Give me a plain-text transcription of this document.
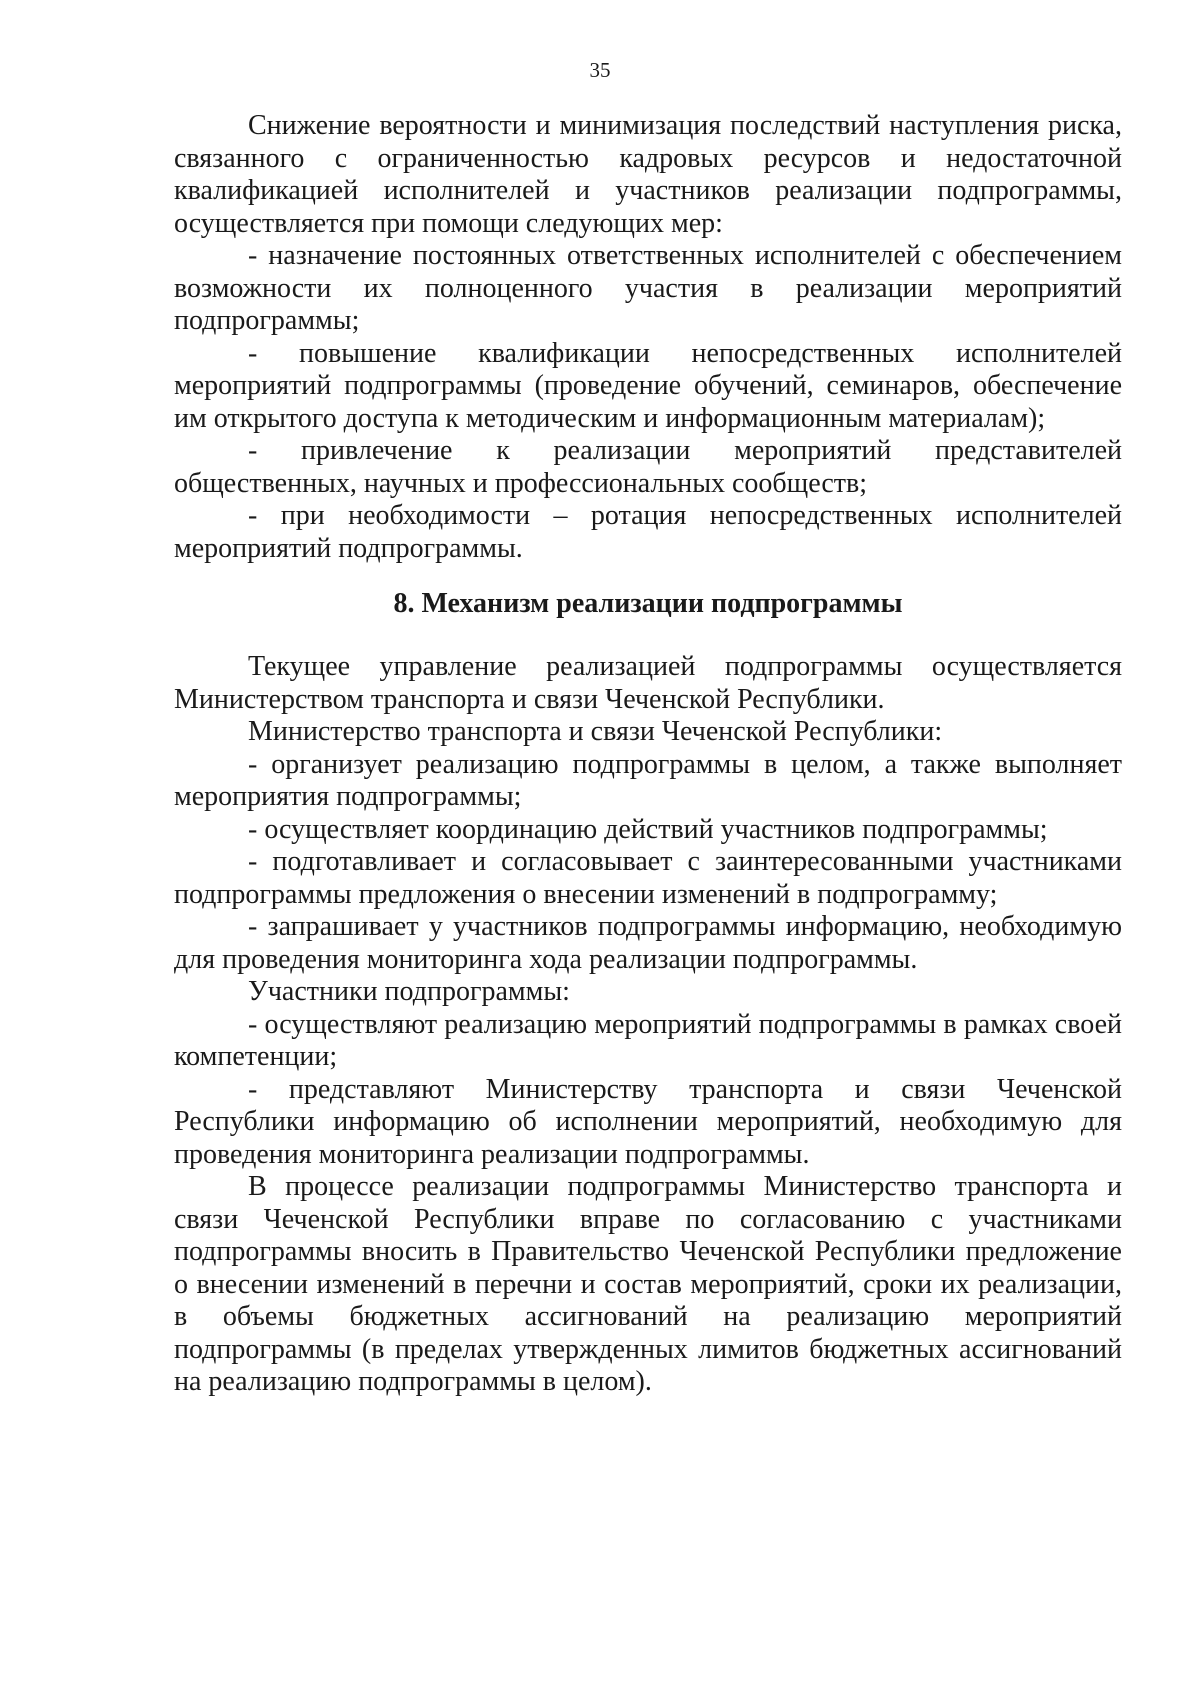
35

Снижение вероятности и минимизация последствий наступления риска, связанного с ограниченностью кадровых ресурсов и недостаточной квалификацией исполнителей и участников реализации подпрограммы, осуществляется при помощи следующих мер:

- назначение постоянных ответственных исполнителей с обеспечением возможности их полноценного участия в реализации мероприятий подпрограммы;

- повышение квалификации непосредственных исполнителей мероприятий подпрограммы (проведение обучений, семинаров, обеспечение им открытого доступа к методическим и информационным материалам);

- привлечение к реализации мероприятий представителей общественных, научных и профессиональных сообществ;

- при необходимости – ротация непосредственных исполнителей мероприятий подпрограммы.

8. Механизм реализации подпрограммы

Текущее управление реализацией подпрограммы осуществляется Министерством транспорта и связи Чеченской Республики.

Министерство транспорта и связи Чеченской Республики:

- организует реализацию подпрограммы в целом, а также выполняет мероприятия подпрограммы;

- осуществляет координацию действий участников подпрограммы;

- подготавливает и согласовывает с заинтересованными участниками подпрограммы предложения о внесении изменений в подпрограмму;

- запрашивает у участников подпрограммы информацию, необходимую для проведения мониторинга хода реализации подпрограммы.

Участники подпрограммы:

- осуществляют реализацию мероприятий подпрограммы в рамках своей компетенции;

- представляют Министерству транспорта и связи Чеченской Республики информацию об исполнении мероприятий, необходимую для проведения мониторинга реализации подпрограммы.

В процессе реализации подпрограммы Министерство транспорта и связи Чеченской Республики вправе по согласованию с участниками подпрограммы вносить в Правительство Чеченской Республики предложение о внесении изменений в перечни и состав мероприятий, сроки их реализации, в объемы бюджетных ассигнований на реализацию мероприятий подпрограммы (в пределах утвержденных лимитов бюджетных ассигнований на реализацию подпрограммы в целом).
